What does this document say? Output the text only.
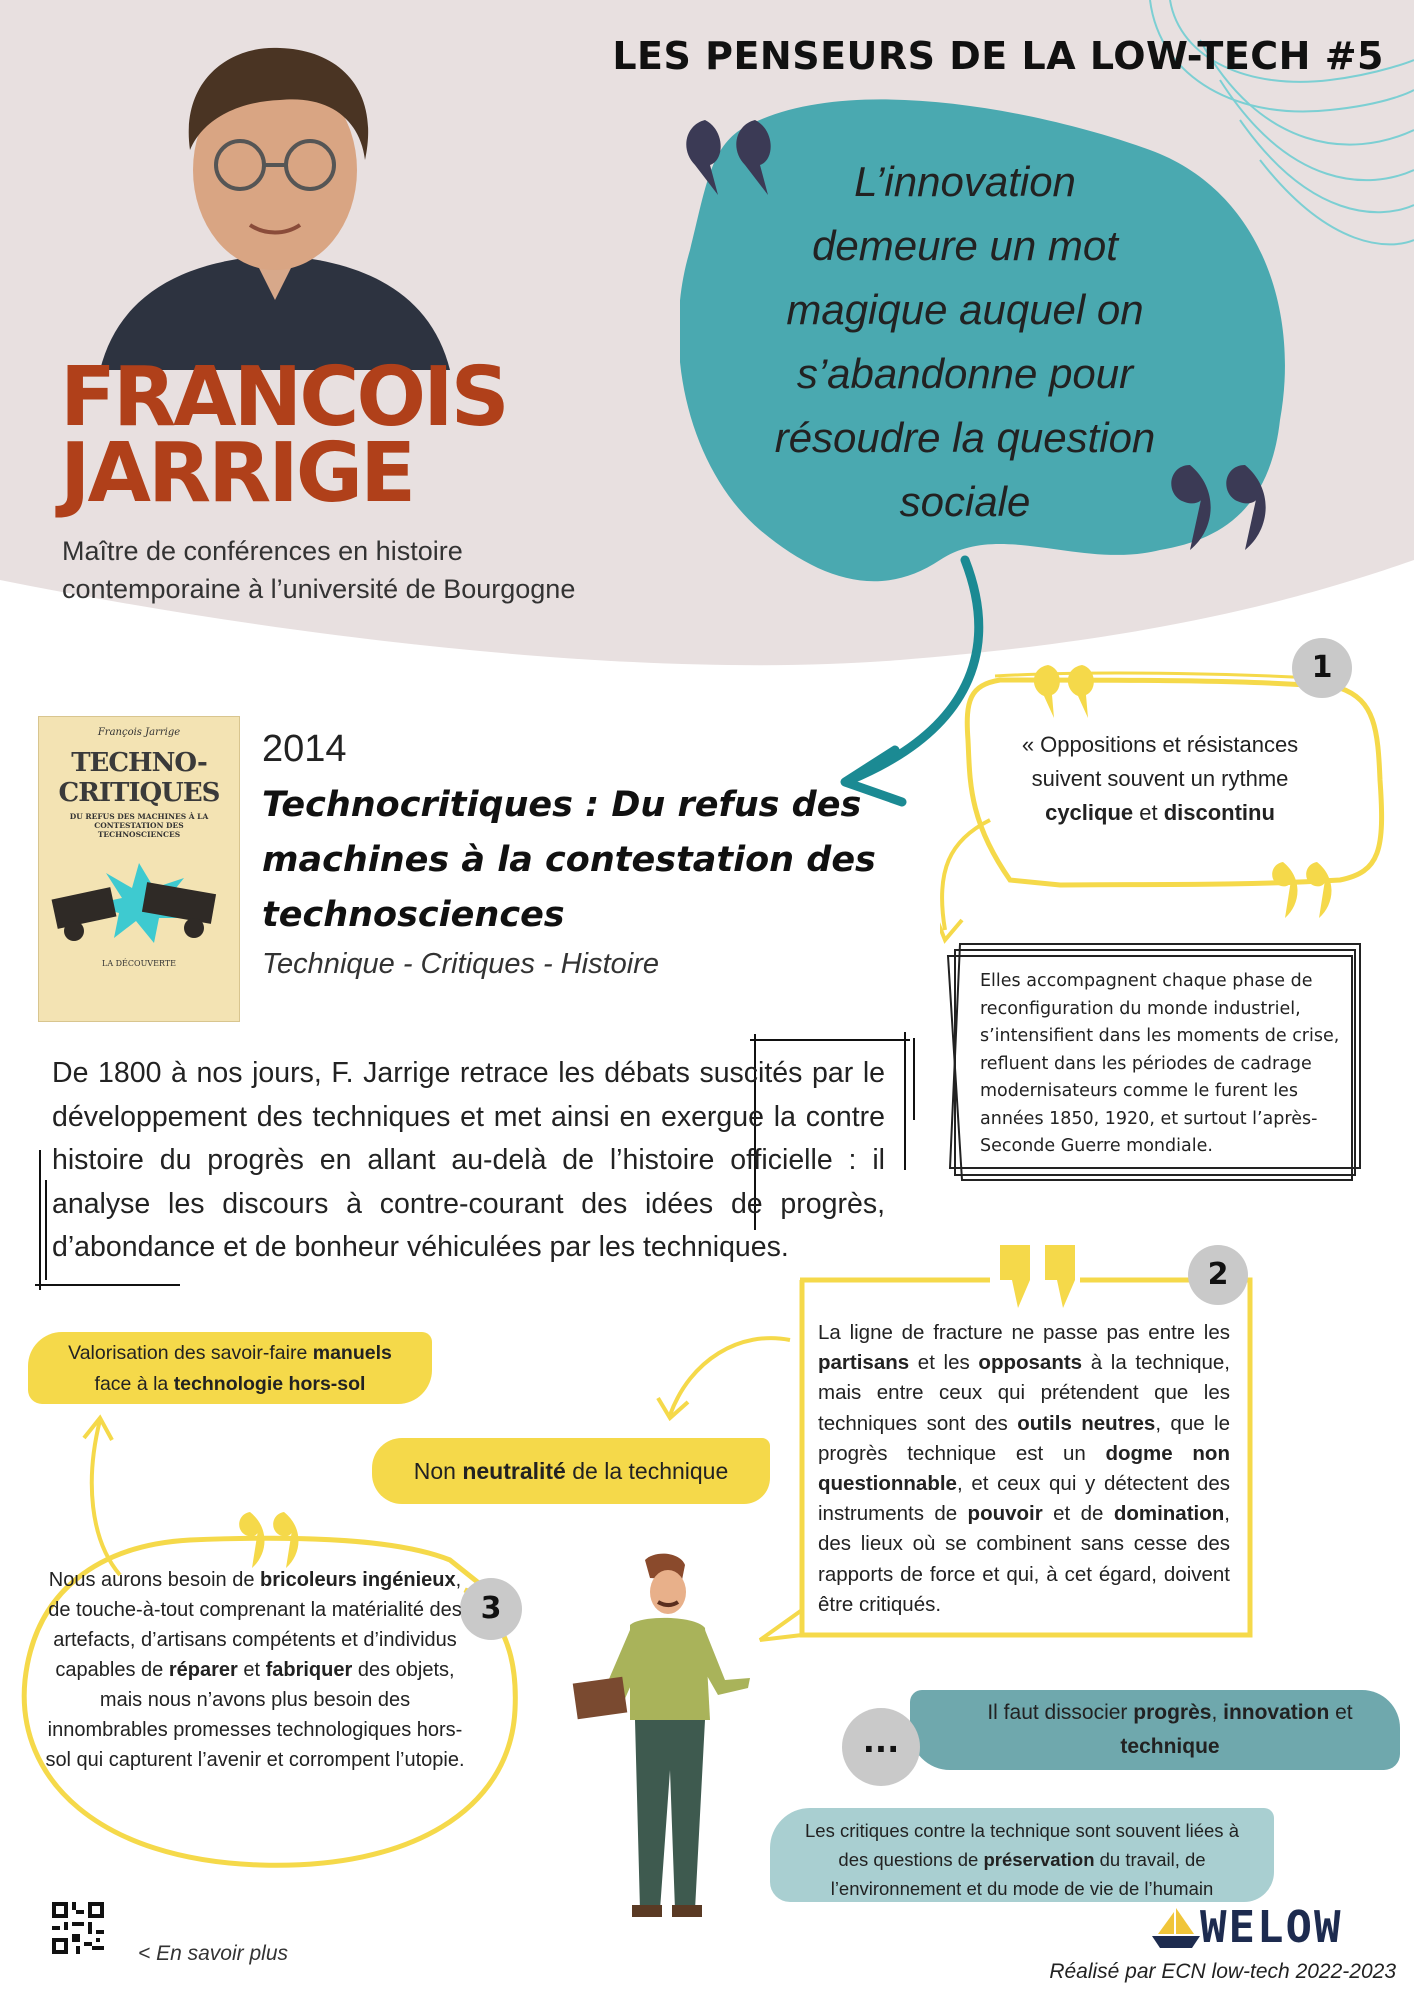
LES PENSEURS DE LA LOW-TECH #5
FRANCOIS
JARRIGE
Maître de conférences en histoire
contemporaine à l’université de Bourgogne
L’innovation
demeure un mot
magique auquel on
s’abandonne pour
résoudre la question
sociale
François Jarrige
TECHNO-
CRITIQUES
DU REFUS DES MACHINES À LA CONTESTATION DES TECHNOSCIENCES
LA DÉCOUVERTE
2014
Technocritiques : Du refus des machines à la contestation des technosciences
Technique - Critiques - Histoire
De 1800 à nos jours, F. Jarrige retrace les débats suscités par le développement des techniques et met ainsi en exergue la contre histoire du progrès en allant au-delà de l’histoire officielle : il analyse les discours à contre-courant des idées de progrès, d’abondance et de bonheur véhiculées par les techniques.
1
« Oppositions et résistances suivent souvent un rythme cyclique et discontinu
Elles accompagnent chaque phase de reconfiguration du monde industriel, s’intensifient dans les moments de crise, refluent dans les périodes de cadrage modernisateurs comme le furent les années 1850, 1920, et surtout l’après-Seconde Guerre mondiale.
2
La ligne de fracture ne passe pas entre les partisans et les opposants à la technique, mais entre ceux qui prétendent que les techniques sont des outils neutres, que le progrès technique est un dogme non questionnable, et ceux qui y détectent des instruments de pouvoir et de domination, des lieux où se combinent sans cesse des rapports de force et qui, à cet égard, doivent être critiqués.
Valorisation des savoir-faire manuels
face à la technologie hors-sol
Non neutralité de la technique
3
Nous aurons besoin de bricoleurs ingénieux, de touche-à-tout comprenant la matérialité des artefacts, d’artisans compétents et d’individus capables de réparer et fabriquer des objets, mais nous n’avons plus besoin des innombrables promesses technologiques hors-sol qui capturent l’avenir et corrompent l’utopie.
Il faut dissocier progrès, innovation et
technique
...
Les critiques contre la technique sont souvent liées à des questions de préservation du travail, de l’environnement et du mode de vie de l’humain
< En savoir plus
WELOW
Réalisé par ECN low-tech 2022-2023
